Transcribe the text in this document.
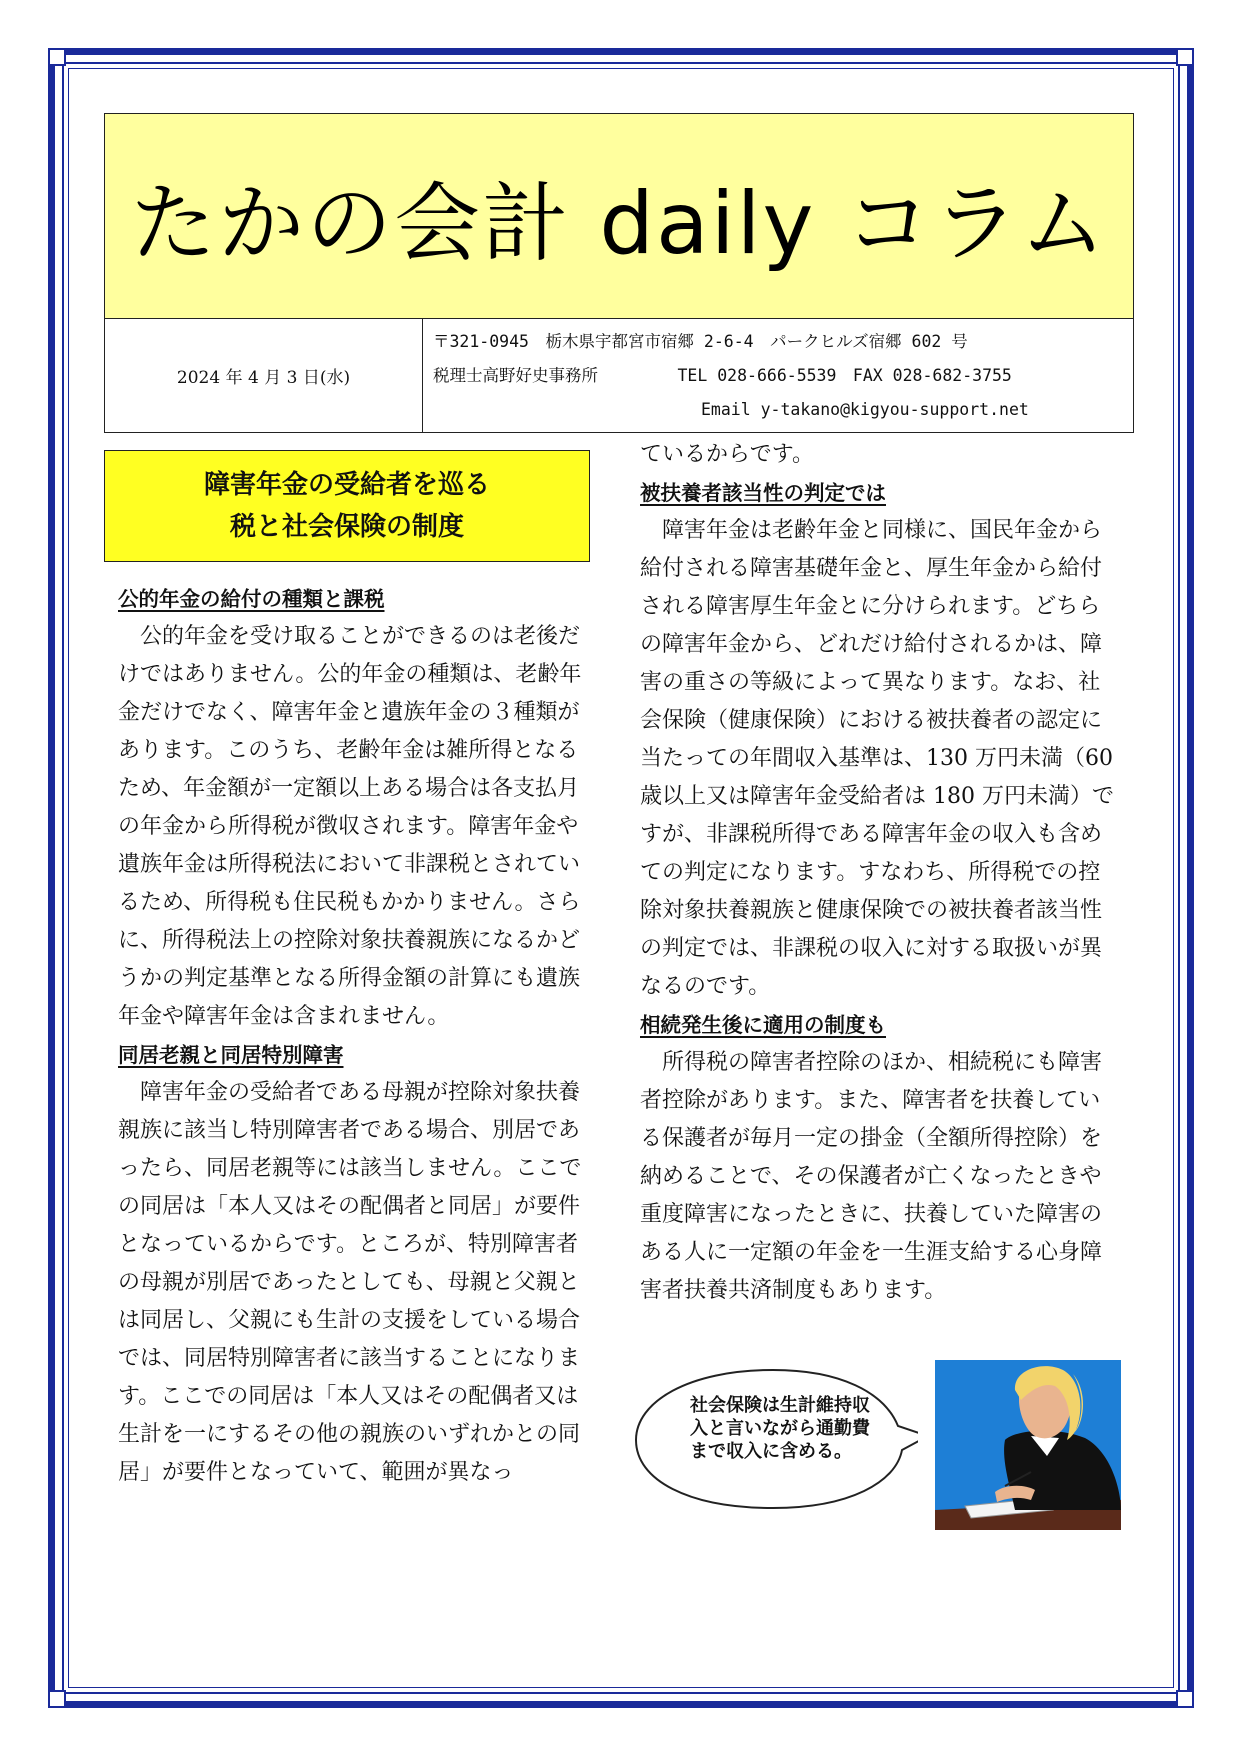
たかの会計 daily コラム
2024 年 4 月 3 日(水)
〒321-0945　栃木県宇都宮市宿郷 2-6-4　パークヒルズ宿郷 602 号
税理士高野好史事務所	TEL 028-666-5539　FAX 028-682-3755
Email y-takano@kigyou-support.net
障害年金の受給者を巡る
税と社会保険の制度
公的年金の給付の種類と課税

公的年金を受け取ることができるのは老後だけではありません。公的年金の種類は、老齢年金だけでなく、障害年金と遺族年金の３種類があります。このうち、老齢年金は雑所得となるため、年金額が一定額以上ある場合は各支払月の年金から所得税が徴収されます。障害年金や遺族年金は所得税法において非課税とされているため、所得税も住民税もかかりません。さらに、所得税法上の控除対象扶養親族になるかどうかの判定基準となる所得金額の計算にも遺族年金や障害年金は含まれません。

同居老親と同居特別障害

障害年金の受給者である母親が控除対象扶養親族に該当し特別障害者である場合、別居であったら、同居老親等には該当しません。ここでの同居は「本人又はその配偶者と同居」が要件となっているからです。ところが、特別障害者の母親が別居であったとしても、母親と父親とは同居し、父親にも生計の支援をしている場合では、同居特別障害者に該当することになります。ここでの同居は「本人又はその配偶者又は生計を一にするその他の親族のいずれかとの同居」が要件となっていて、範囲が異なっ

ているからです。

被扶養者該当性の判定では

障害年金は老齢年金と同様に、国民年金から給付される障害基礎年金と、厚生年金から給付される障害厚生年金とに分けられます。どちらの障害年金から、どれだけ給付されるかは、障害の重さの等級によって異なります。なお、社会保険（健康保険）における被扶養者の認定に当たっての年間収入基準は、130 万円未満（60 歳以上又は障害年金受給者は 180 万円未満）ですが、非課税所得である障害年金の収入も含めての判定になります。すなわち、所得税での控除対象扶養親族と健康保険での被扶養者該当性の判定では、非課税の収入に対する取扱いが異なるのです。

相続発生後に適用の制度も

所得税の障害者控除のほか、相続税にも障害者控除があります。また、障害者を扶養している保護者が毎月一定の掛金（全額所得控除）を納めることで、その保護者が亡くなったときや重度障害になったときに、扶養していた障害のある人に一定額の年金を一生涯支給する心身障害者扶養共済制度もあります。

社会保険は生計維持収入と言いながら通勤費まで収入に含める。
